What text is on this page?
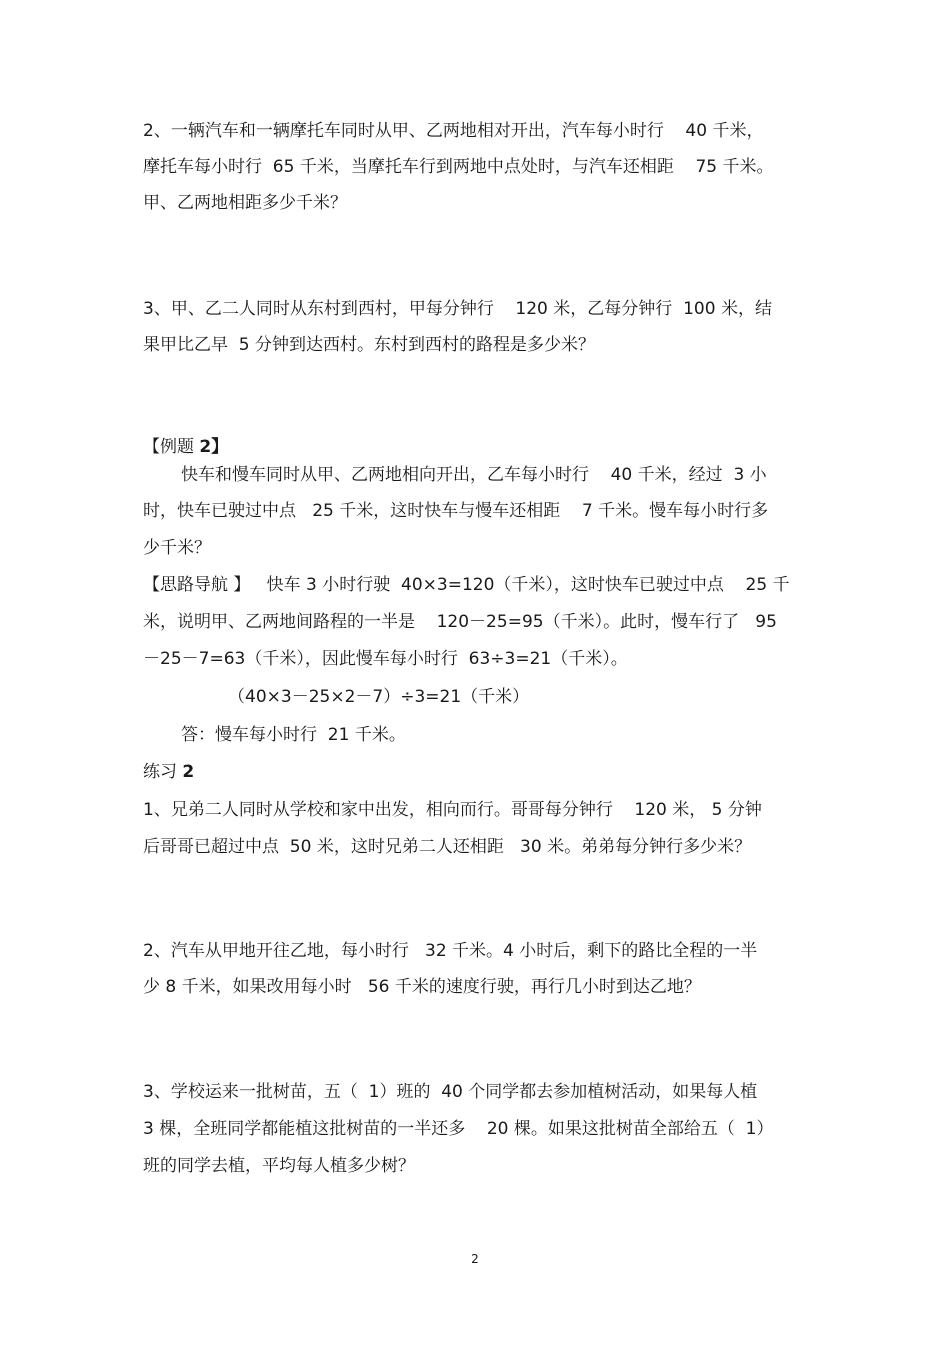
2、一辆汽车和一辆摩托车同时从甲、乙两地相对开出，汽车每小时行    40 千米，
摩托车每小时行  65 千米，当摩托车行到两地中点处时，与汽车还相距    75 千米。
甲、乙两地相距多少千米？
3、甲、乙二人同时从东村到西村，甲每分钟行    120 米，乙每分钟行  100 米，结
果甲比乙早  5 分钟到达西村。东村到西村的路程是多少米？
【例题 2】
快车和慢车同时从甲、乙两地相向开出，乙车每小时行    40 千米，经过  3 小
时，快车已驶过中点   25 千米，这时快车与慢车还相距    7 千米。慢车每小时行多
少千米？
【思路导航 】   快车 3 小时行驶  40×3=120（千米），这时快车已驶过中点    25 千
米，说明甲、乙两地间路程的一半是    120－25=95（千米）。此时，慢车行了   95
－25－7=63（千米），因此慢车每小时行  63÷3=21（千米）。
（40×3－25×2－7）÷3=21（千米）
答：慢车每小时行  21 千米。
练习 2
1、兄弟二人同时从学校和家中出发，相向而行。哥哥每分钟行    120 米， 5 分钟
后哥哥已超过中点  50 米，这时兄弟二人还相距   30 米。弟弟每分钟行多少米？
2、汽车从甲地开往乙地，每小时行   32 千米。4 小时后，剩下的路比全程的一半
少 8 千米，如果改用每小时   56 千米的速度行驶，再行几小时到达乙地？
3、学校运来一批树苗，五（  1）班的  40 个同学都去参加植树活动，如果每人植
3 棵，全班同学都能植这批树苗的一半还多    20 棵。如果这批树苗全部给五（  1）
班的同学去植，平均每人植多少树？
2
